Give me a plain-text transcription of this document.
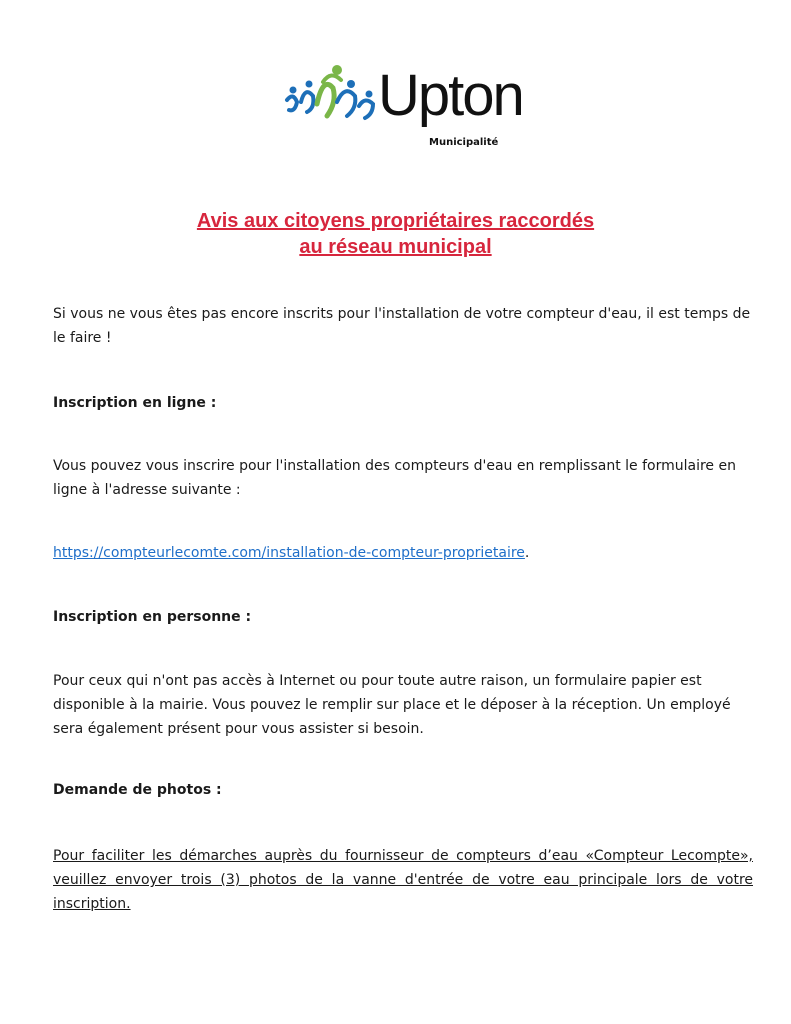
Upton
Municipalité
Avis aux citoyens propriétaires raccordés
au réseau municipal
Si vous ne vous êtes pas encore inscrits pour l'installation de votre compteur d'eau, il est temps de le faire !
Inscription en ligne :
Vous pouvez vous inscrire pour l'installation des compteurs d'eau en remplissant le formulaire en ligne à l'adresse suivante :
https://compteurlecomte.com/installation-de-compteur-proprietaire.
Inscription en personne :
Pour ceux qui n'ont pas accès à Internet ou pour toute autre raison, un formulaire papier est disponible à la mairie. Vous pouvez le remplir sur place et le déposer à la réception. Un employé sera également présent pour vous assister si besoin.
Demande de photos :
Pour faciliter les démarches auprès du fournisseur de compteurs d’eau «Compteur Lecompte», veuillez envoyer trois (3) photos de la vanne d'entrée de votre eau principale lors de votre inscription.
